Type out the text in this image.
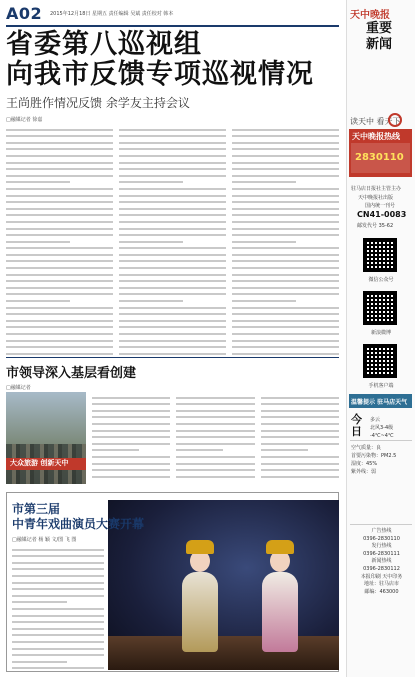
A02 2015年12月18日 星期五 责任编辑 吴斌 责任校对 韩本
省委第八巡视组
向我市反馈专项巡视情况
王尚胜作情况反馈 余学友主持会议
□融媒记者 徐嘉
市领导深入基层看创建
□融媒记者
大众旅游 创新天中
市第三届
中青年戏曲演员大赛开幕
□融媒记者 杨 颖 文/图 飞 图
天中晚报
重要
新闻
读天中 看天下
天中晚报热线
2830110
驻马店日报社主管主办
天中晚报社出版
国内统一刊号
CN41-0083
邮发代号 35-62
微信公众号
新浪微博
手机客户端
温馨提示 驻马店天气
今
日
多云
北风3-4级
-4℃~4℃
空气质量：良
首要污染物：PM2.5
湿度：45%
紫外线：弱
广告热线
0396-2830110
发行热线
0396-2830111
新闻热线
0396-2830112
本报印刷 天中印务
地址：驻马店市
邮编：463000
